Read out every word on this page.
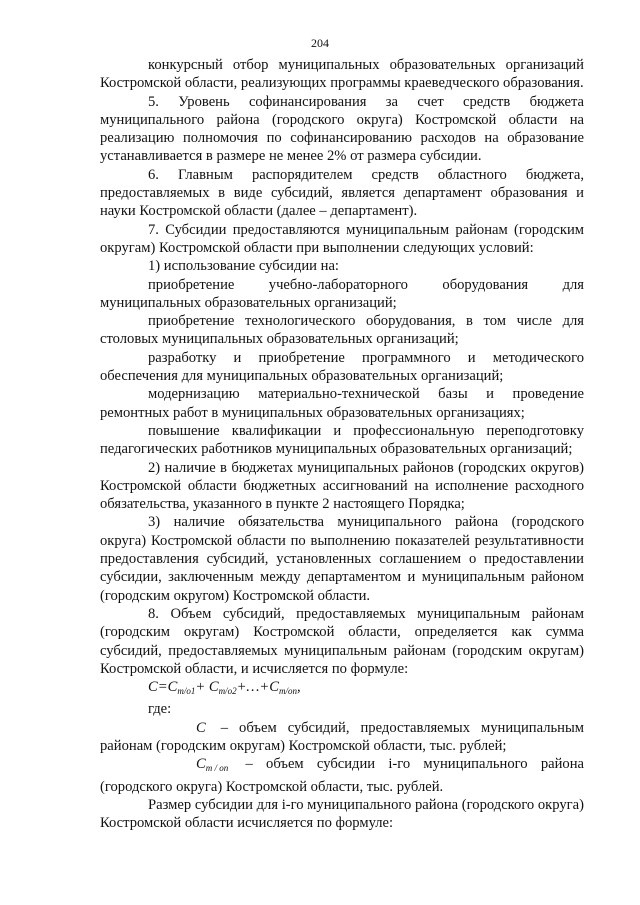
204

конкурсный отбор муниципальных образовательных организаций Костромской области, реализующих программы краеведческого образования.

5. Уровень софинансирования за счет средств бюджета муниципального района (городского округа) Костромской области на реализацию полномочия по софинансированию расходов на образование устанавливается в размере не менее 2% от размера субсидии.

6. Главным распорядителем средств областного бюджета, предоставляемых в виде субсидий, является департамент образования и науки Костромской области (далее – департамент).

7. Субсидии предоставляются муниципальным районам (городским округам) Костромской области при выполнении следующих условий:

1) использование субсидии на:

приобретение учебно-лабораторного оборудования для муниципальных образовательных организаций;

приобретение технологического оборудования, в том числе для столовых муниципальных образовательных организаций;

разработку и приобретение программного и методического обеспечения для муниципальных образовательных организаций;

модернизацию материально-технической базы и проведение ремонтных работ в муниципальных образовательных организациях;

повышение квалификации и профессиональную переподготовку педагогических работников муниципальных образовательных организаций;

2) наличие в бюджетах муниципальных районов (городских округов) Костромской области бюджетных ассигнований на исполнение расходного обязательства, указанного в пункте 2 настоящего Порядка;

3) наличие обязательства муниципального района (городского округа) Костромской области по выполнению показателей результативности предоставления субсидий, установленных соглашением о предоставлении субсидии, заключенным между департаментом и муниципальным районом (городским округом) Костромской области.

8. Объем субсидий, предоставляемых муниципальным районам (городским округам) Костромской области, определяется как сумма субсидий, предоставляемых муниципальным районам (городским округам) Костромской области, и исчисляется по формуле:

$C=C_{m/o1}+$ $C_{m/o2}+\dots+C_{m/on}$,

где:

C – объем субсидий, предоставляемых муниципальным районам (городским округам) Костромской области, тыс. рублей;

$C_{m / on}$ – объем субсидии i-го муниципального района (городского округа) Костромской области, тыс. рублей.

Размер субсидии для i-го муниципального района (городского округа) Костромской области исчисляется по формуле:
